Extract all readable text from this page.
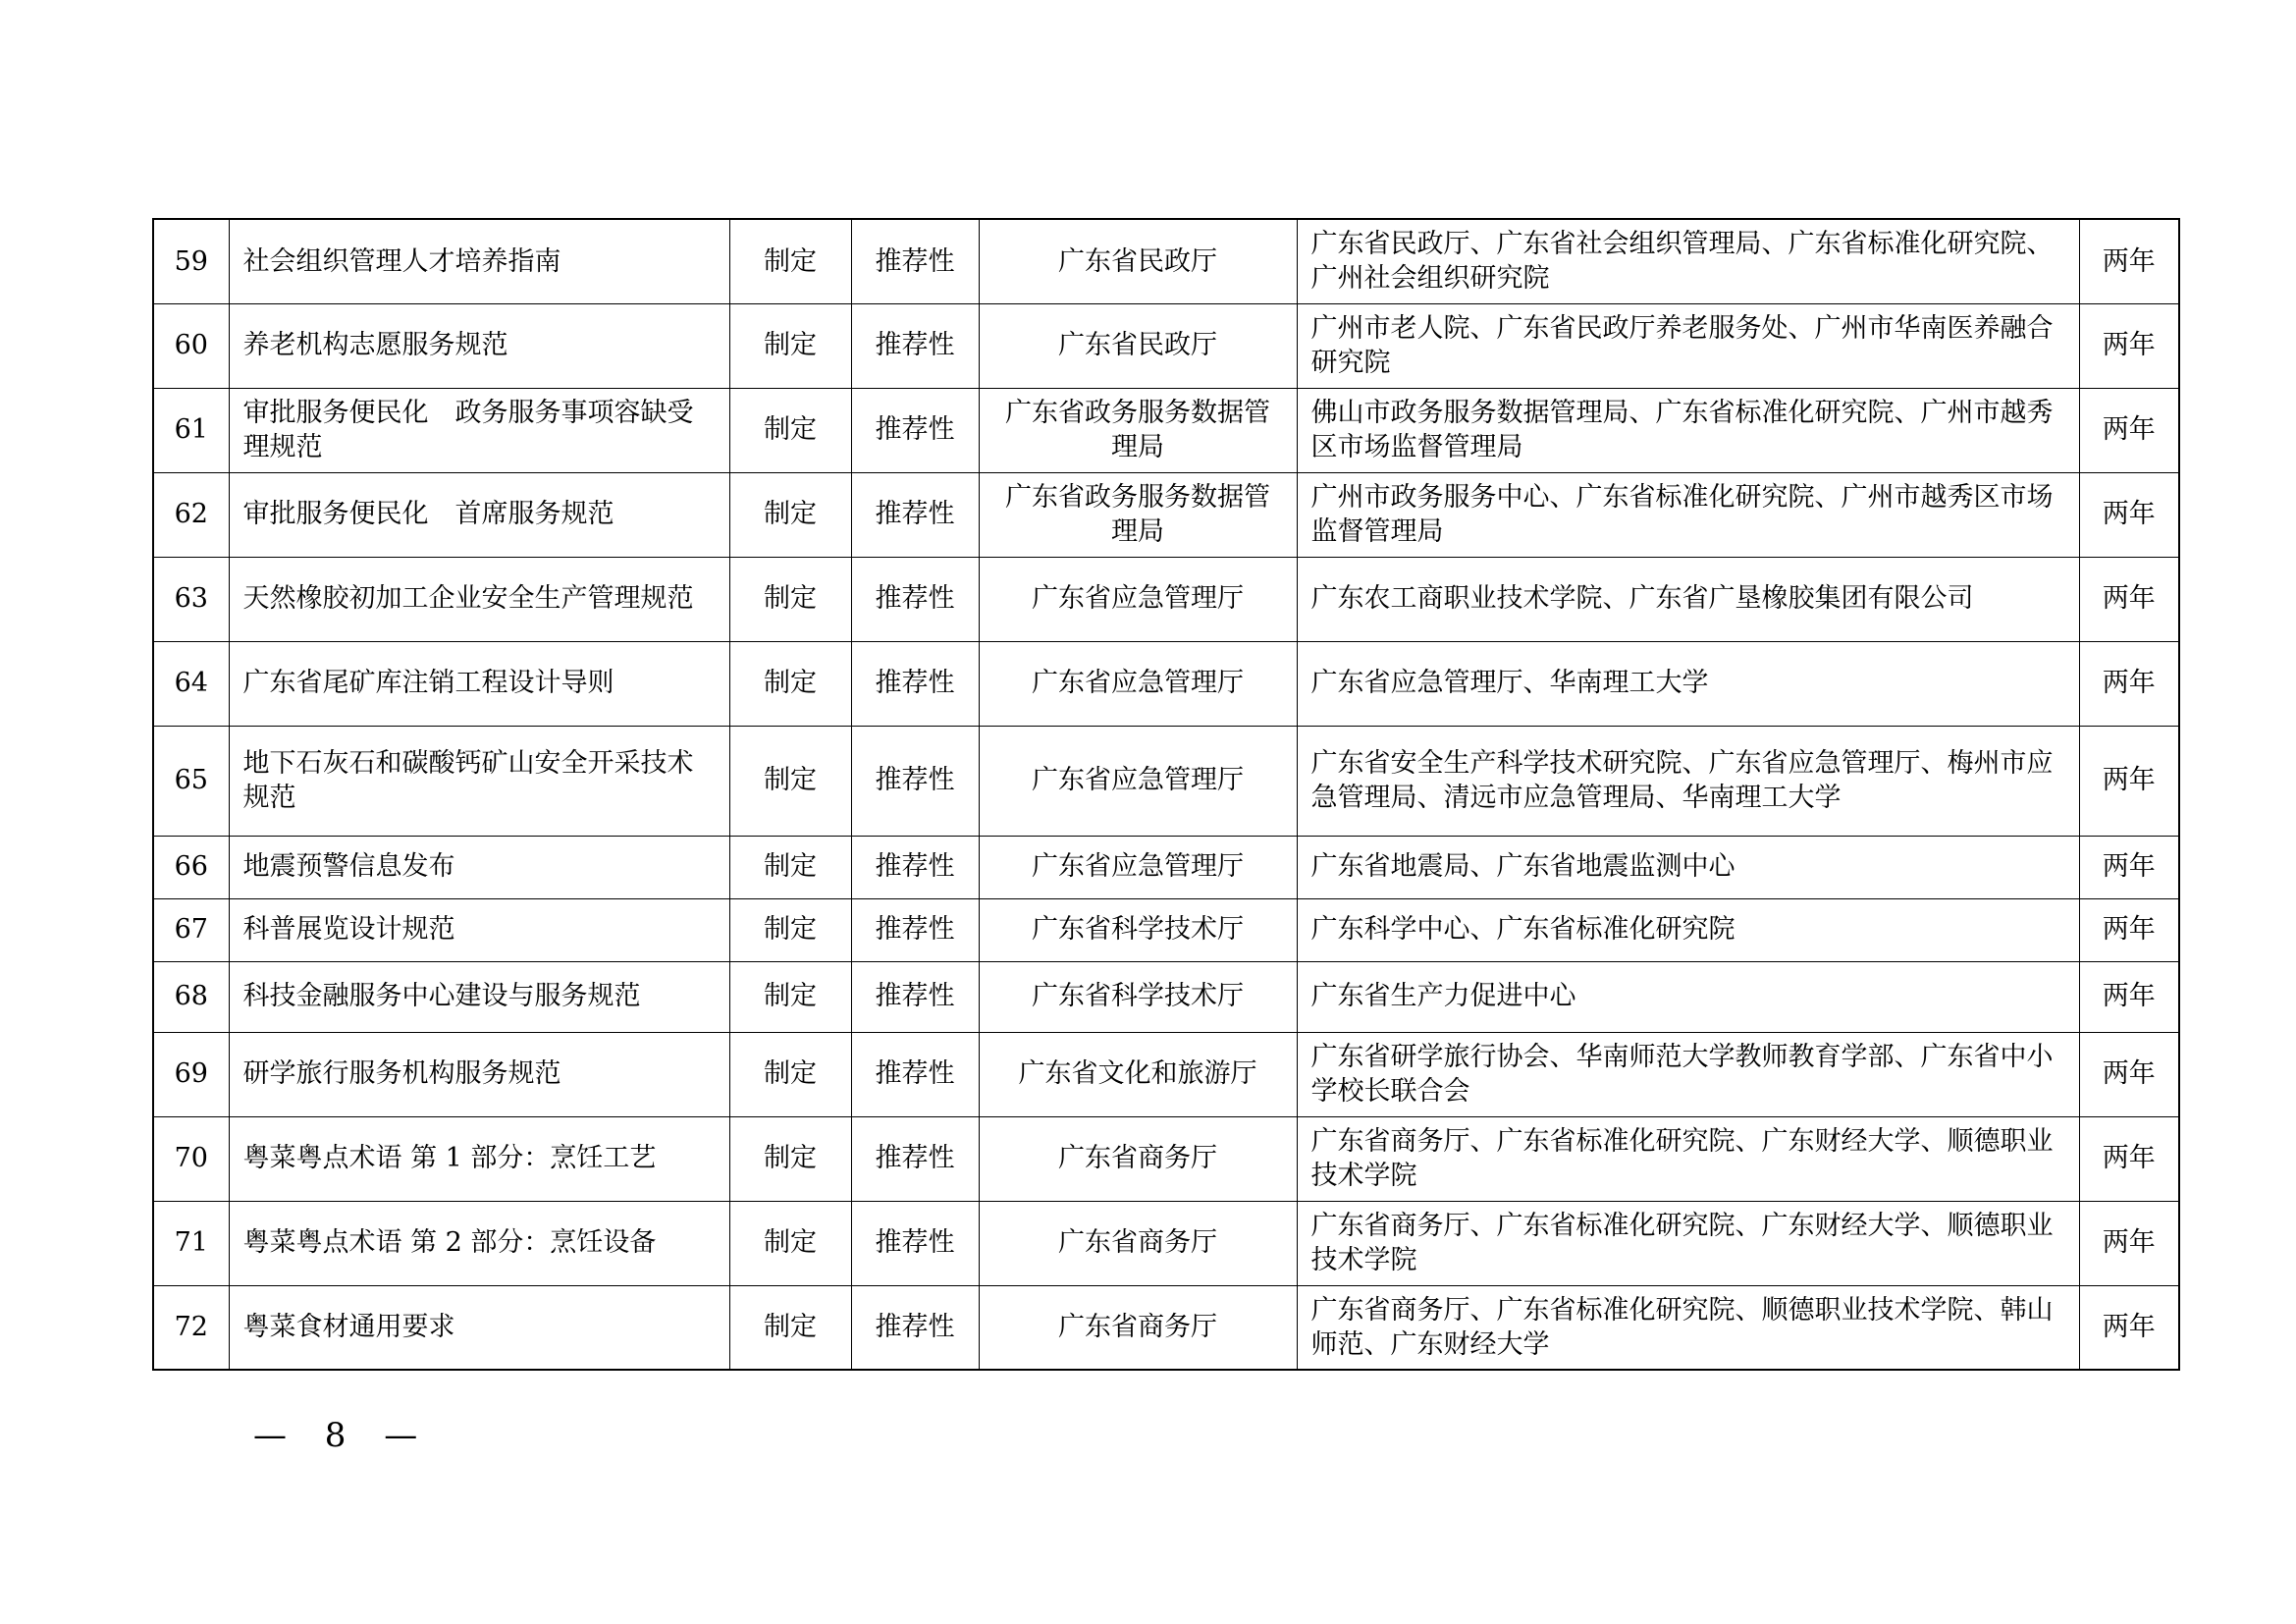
59	社会组织管理人才培养指南	制定	推荐性	广东省民政厅	广东省民政厅、广东省社会组织管理局、广东省标准化研究院、广州社会组织研究院	两年
60	养老机构志愿服务规范	制定	推荐性	广东省民政厅	广州市老人院、广东省民政厅养老服务处、广州市华南医养融合研究院	两年
61	审批服务便民化　政务服务事项容缺受理规范	制定	推荐性	广东省政务服务数据管理局	佛山市政务服务数据管理局、广东省标准化研究院、广州市越秀区市场监督管理局	两年
62	审批服务便民化　首席服务规范	制定	推荐性	广东省政务服务数据管理局	广州市政务服务中心、广东省标准化研究院、广州市越秀区市场监督管理局	两年
63	天然橡胶初加工企业安全生产管理规范	制定	推荐性	广东省应急管理厅	广东农工商职业技术学院、广东省广垦橡胶集团有限公司	两年
64	广东省尾矿库注销工程设计导则	制定	推荐性	广东省应急管理厅	广东省应急管理厅、华南理工大学	两年
65	地下石灰石和碳酸钙矿山安全开采技术规范	制定	推荐性	广东省应急管理厅	广东省安全生产科学技术研究院、广东省应急管理厅、梅州市应急管理局、清远市应急管理局、华南理工大学	两年
66	地震预警信息发布	制定	推荐性	广东省应急管理厅	广东省地震局、广东省地震监测中心	两年
67	科普展览设计规范	制定	推荐性	广东省科学技术厅	广东科学中心、广东省标准化研究院	两年
68	科技金融服务中心建设与服务规范	制定	推荐性	广东省科学技术厅	广东省生产力促进中心	两年
69	研学旅行服务机构服务规范	制定	推荐性	广东省文化和旅游厅	广东省研学旅行协会、华南师范大学教师教育学部、广东省中小学校长联合会	两年
70	粤菜粤点术语 第 1 部分：烹饪工艺	制定	推荐性	广东省商务厅	广东省商务厅、广东省标准化研究院、广东财经大学、顺德职业技术学院	两年
71	粤菜粤点术语 第 2 部分：烹饪设备	制定	推荐性	广东省商务厅	广东省商务厅、广东省标准化研究院、广东财经大学、顺德职业技术学院	两年
72	粤菜食材通用要求	制定	推荐性	广东省商务厅	广东省商务厅、广东省标准化研究院、顺德职业技术学院、韩山师范、广东财经大学	两年
— 8 —
